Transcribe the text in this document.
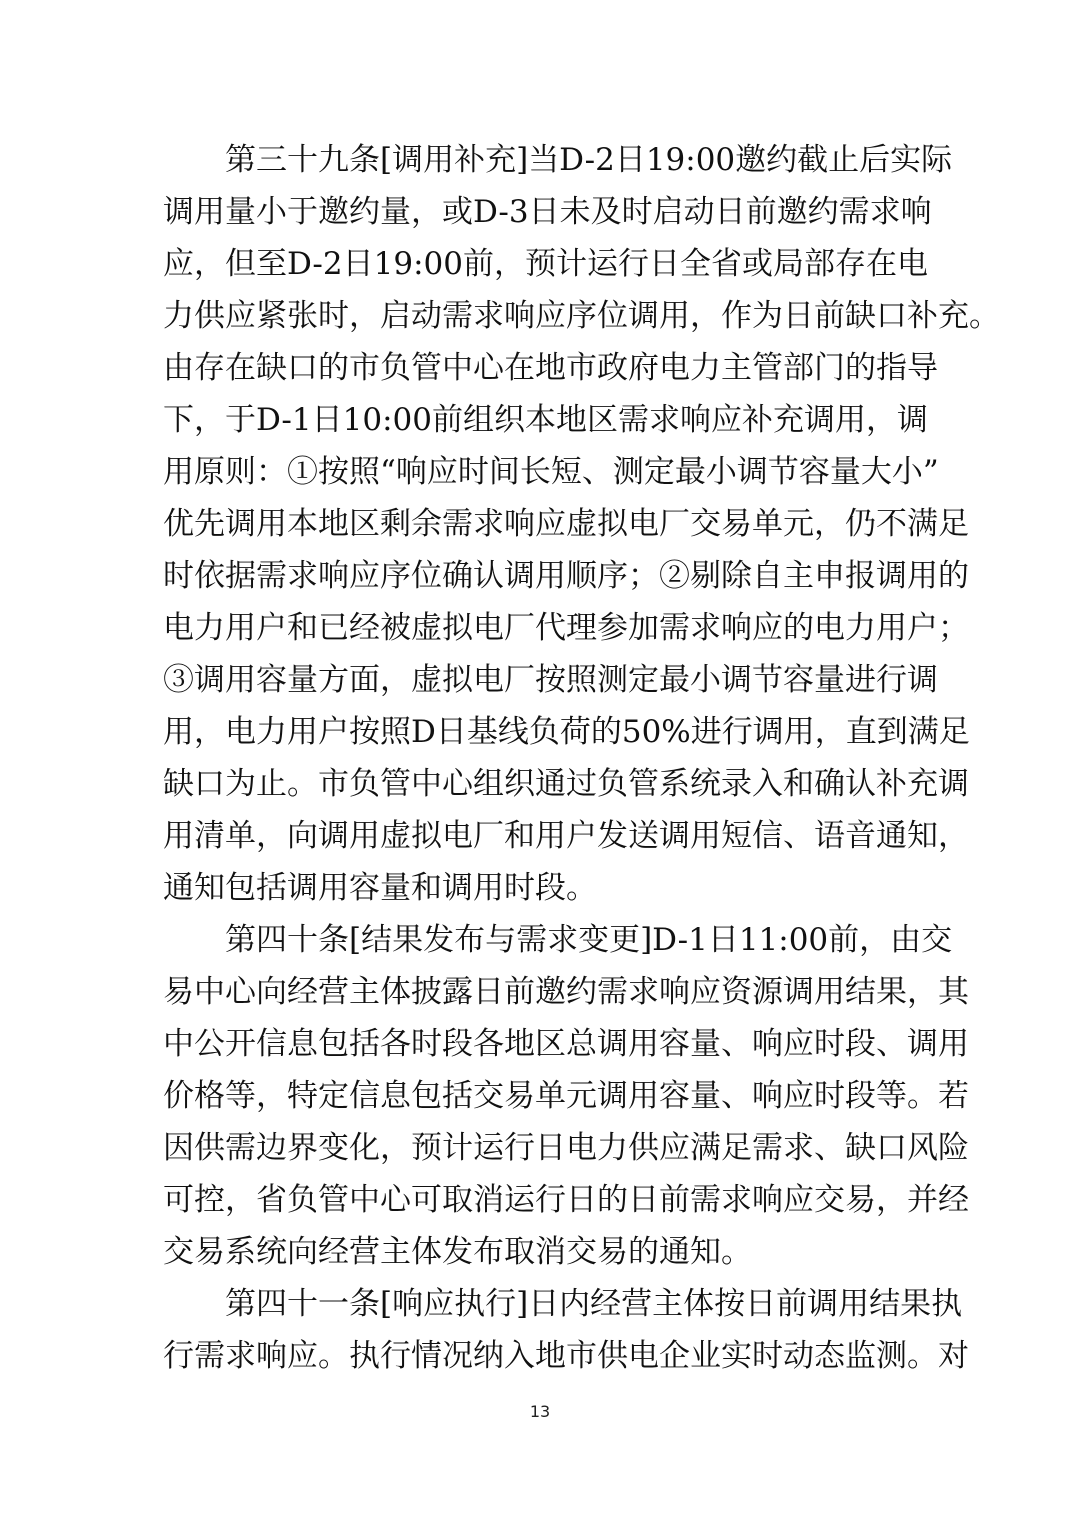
第三十九条[调用补充]当D-2日19:00邀约截止后实际
调用量小于邀约量，或D-3日未及时启动日前邀约需求响
应，但至D-2日19:00前，预计运行日全省或局部存在电
力供应紧张时，启动需求响应序位调用，作为日前缺口补充。
由存在缺口的市负管中心在地市政府电力主管部门的指导
下，于D-1日10:00前组织本地区需求响应补充调用，调
用原则：①按照“响应时间长短、测定最小调节容量大小”
优先调用本地区剩余需求响应虚拟电厂交易单元，仍不满足
时依据需求响应序位确认调用顺序；②剔除自主申报调用的
电力用户和已经被虚拟电厂代理参加需求响应的电力用户；
③调用容量方面，虚拟电厂按照测定最小调节容量进行调
用，电力用户按照D日基线负荷的50%进行调用，直到满足
缺口为止。市负管中心组织通过负管系统录入和确认补充调
用清单，向调用虚拟电厂和用户发送调用短信、语音通知，
通知包括调用容量和调用时段。
第四十条[结果发布与需求变更]D-1日11:00前，由交
易中心向经营主体披露日前邀约需求响应资源调用结果，其
中公开信息包括各时段各地区总调用容量、响应时段、调用
价格等，特定信息包括交易单元调用容量、响应时段等。若
因供需边界变化，预计运行日电力供应满足需求、缺口风险
可控，省负管中心可取消运行日的日前需求响应交易，并经
交易系统向经营主体发布取消交易的通知。
第四十一条[响应执行]日内经营主体按日前调用结果执
行需求响应。执行情况纳入地市供电企业实时动态监测。对
13
